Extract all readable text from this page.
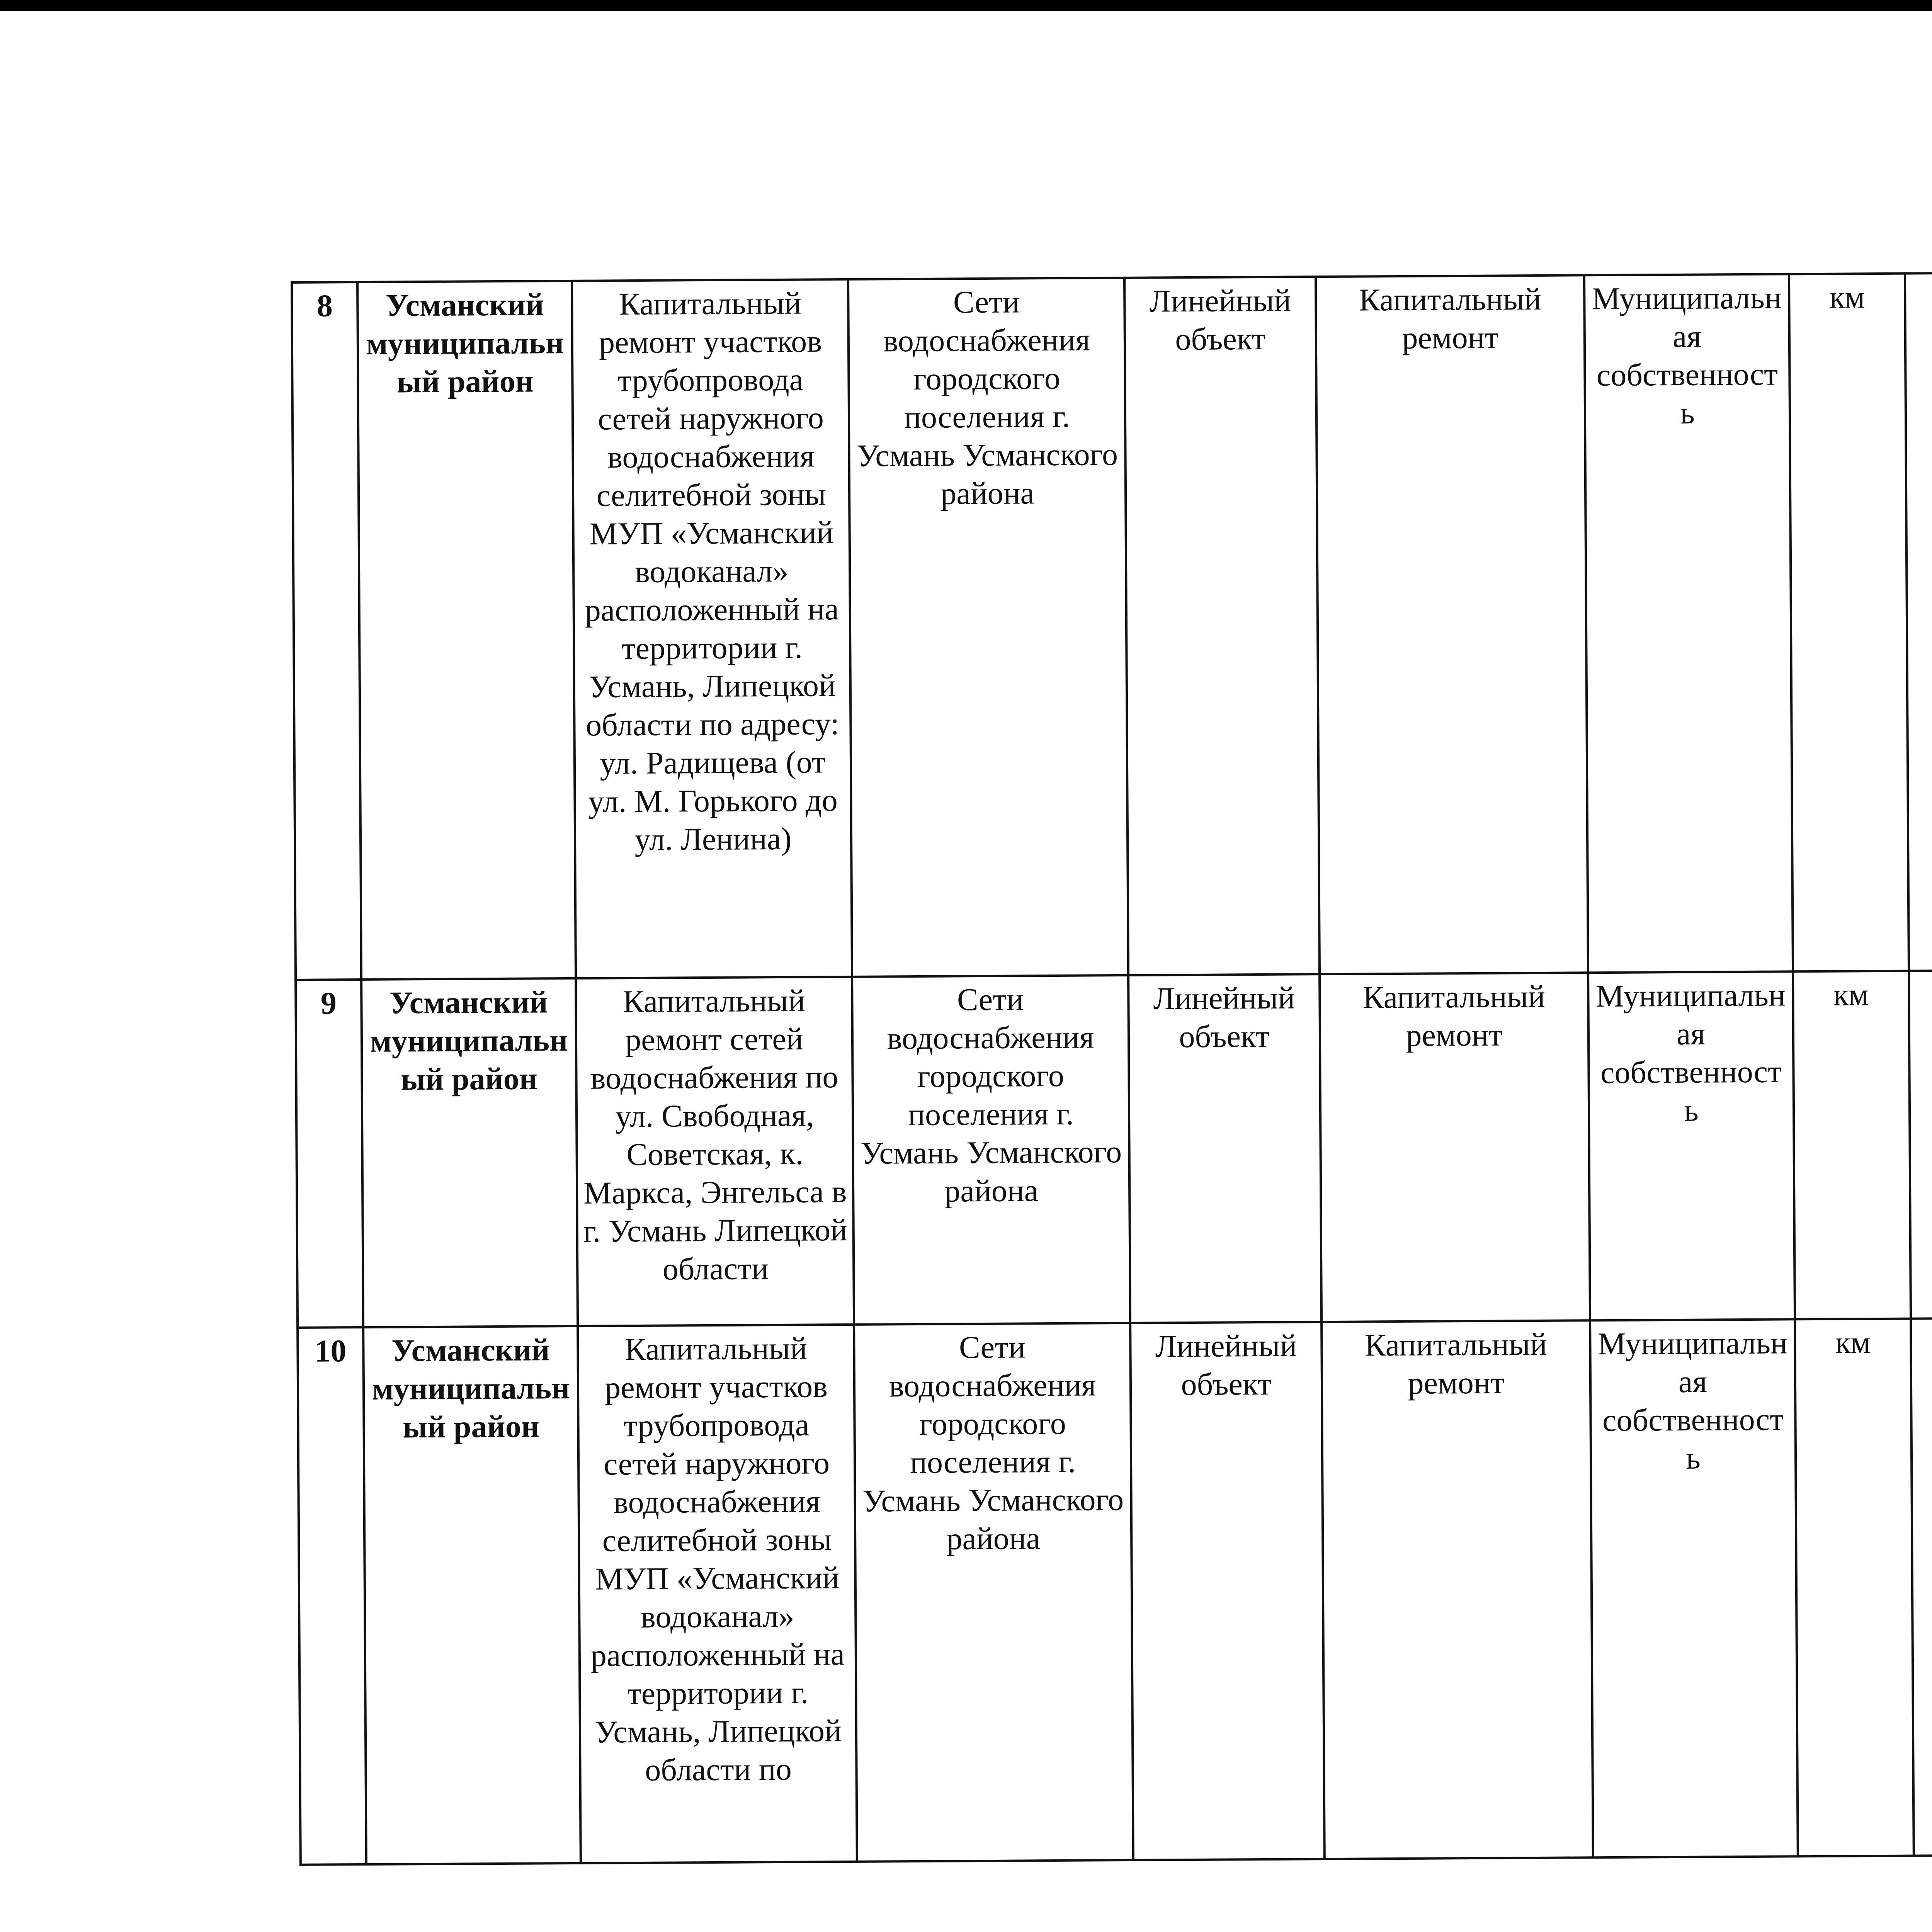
8	Усманский муниципальный район	Капитальный ремонт участков трубопровода сетей наружного водоснабжения селитебной зоны МУП «Усманский водоканал» расположенный на территории г. Усмань, Липецкой области по адресу: ул. Радищева (от ул. М. Горького до ул. Ленина)	Сети водоснабжения городского поселения г. Усмань Усманского района	Линейный объект	Капитальный ремонт	Муниципальная собственность	км				
9	Усманский муниципальный район	Капитальный ремонт сетей водоснабжения по ул. Свободная, Советская, к. Маркса, Энгельса в г. Усмань Липецкой области	Сети водоснабжения городского поселения г. Усмань Усманского района	Линейный объект	Капитальный ремонт	Муниципальная собственность	км				
10	Усманский муниципальный район	Капитальный ремонт участков трубопровода сетей наружного водоснабжения селитебной зоны МУП «Усманский водоканал» расположенный на территории г. Усмань, Липецкой области по	Сети водоснабжения городского поселения г. Усмань Усманского района	Линейный объект	Капитальный ремонт	Муниципальная собственность	км				
